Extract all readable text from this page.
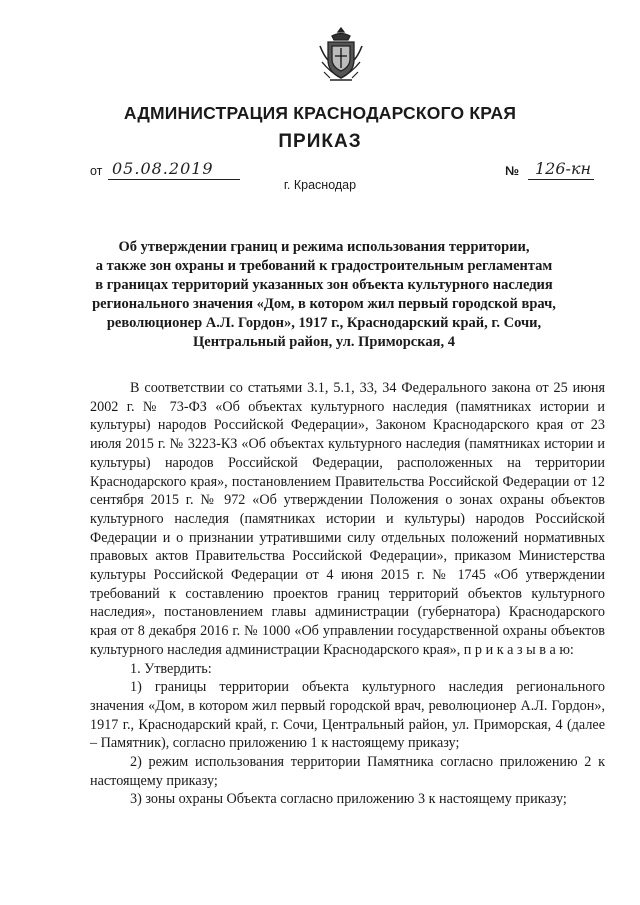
АДМИНИСТРАЦИЯ КРАСНОДАРСКОГО КРАЯ
ПРИКАЗ
от 05.08.2019	№ 126-кн
г. Краснодар
Об утверждении границ и режима использования территории,
а также зон охраны и требований к градостроительным регламентам
в границах территорий указанных зон объекта культурного наследия
регионального значения «Дом, в котором жил первый городской врач,
революционер А.Л. Гордон», 1917 г., Краснодарский край, г. Сочи,
Центральный район, ул. Приморская, 4

В соответствии со статьями 3.1, 5.1, 33, 34 Федерального закона от 25 июня 2002 г. № 73-ФЗ «Об объектах культурного наследия (памятниках истории и культуры) народов Российской Федерации», Законом Краснодарского края от 23 июля 2015 г. № 3223-КЗ «Об объектах культурного наследия (памятниках истории и культуры) народов Российской Федерации, расположенных на территории Краснодарского края», постановлением Правительства Российской Федерации от 12 сентября 2015 г. № 972 «Об утверждении Положения о зонах охраны объектов культурного наследия (памятниках истории и культуры) народов Российской Федерации и о признании утратившими силу отдельных положений нормативных правовых актов Правительства Российской Федерации», приказом Министерства культуры Российской Федерации от 4 июня 2015 г. № 1745 «Об утверждении требований к составлению проектов границ территорий объектов культурного наследия», постановлением главы администрации (губернатора) Краснодарского края от 8 декабря 2016 г. № 1000 «Об управлении государственной охраны объектов культурного наследия администрации Краснодарского края», п р и к а з ы в а ю:

1. Утвердить:

1) границы территории объекта культурного наследия регионального значения «Дом, в котором жил первый городской врач, революционер А.Л. Гордон», 1917 г., Краснодарский край, г. Сочи, Центральный район, ул. Приморская, 4 (далее – Памятник), согласно приложению 1 к настоящему приказу;

2) режим использования территории Памятника согласно приложению 2 к настоящему приказу;

3) зоны охраны Объекта согласно приложению 3 к настоящему приказу;
